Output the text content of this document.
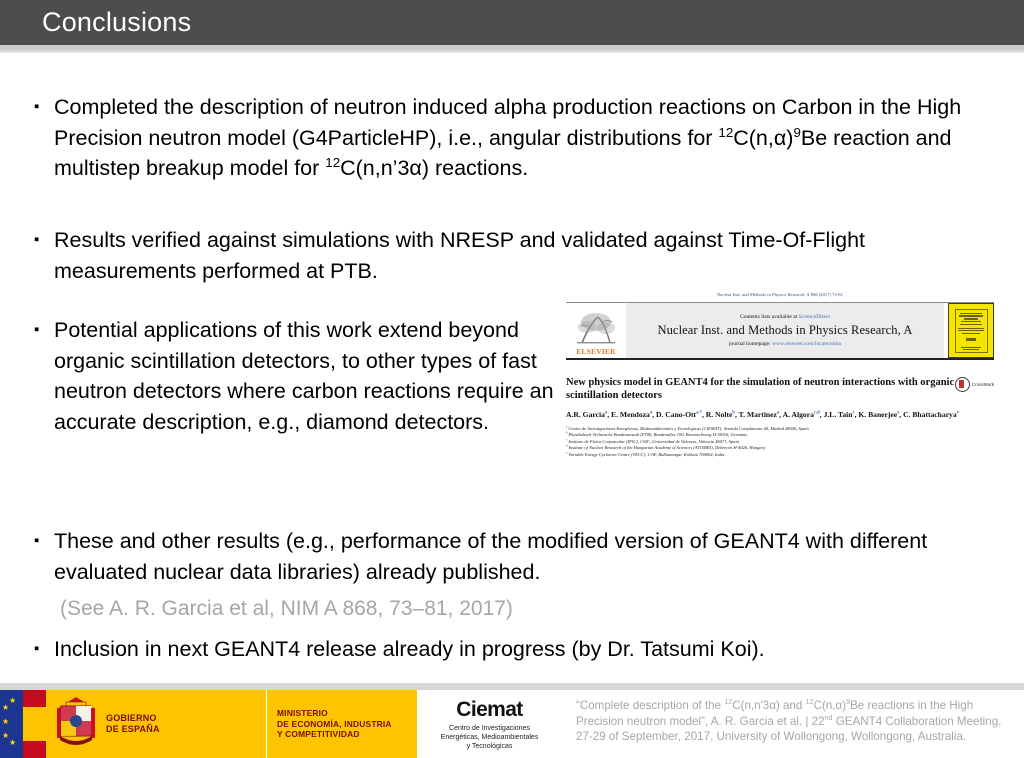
Conclusions
▪ Completed the description of neutron induced alpha production reactions on Carbon in the High Precision neutron model (G4ParticleHP), i.e., angular distributions for $^{12}C(n,\alpha)^9Be$ reaction and multistep breakup model for $^{12}$C(n,n’3α) reactions.
▪ Results verified against simulations with NRESP and validated against Time-Of-Flight measurements performed at PTB.
▪ Potential applications of this work extend beyond organic scintillation detectors, to other types of fast neutron detectors where carbon reactions require an accurate description, e.g., diamond detectors.
(See A. R. Garcia et al, NIM A 868, 73–81, 2017)
▪ These and other results (e.g., performance of the modified version of GEANT4 with different evaluated nuclear data libraries) already published.
▪ Inclusion in next GEANT4 release already in progress (by Dr. Tatsumi Koi).
Nuclear Inst. and Methods in Physics Research, A 868 (2017) 73-81
ELSEVIER
Contents lists available at ScienceDirect
Nuclear Inst. and Methods in Physics Research, A
journal homepage: www.elsevier.com/locate/nima
New physics model in GEANT4 for the simulation of neutron interactions with organic scintillation detectors
CrossMark
A.R. Garcia$^a$, E. Mendoza$^a$, D. Cano-Ott$^{a,*}$, R. Nolte$^b$, T. Martinez$^a$, A. Algora$^{c,d}$, J.L. Tain$^c$, K. Banerjee$^e$, C. Bhattacharya$^e$
$^a$ Centro de Investigaciones Energéticas, Medioambientales y Tecnológicas (CIEMAT), Avenida Complutense 40, Madrid 28040, Spain
$^b$ Physikalisch-Technische Bundesanstalt (PTB), Bundesallee 100, Braunschweig D-38116, Germany
$^c$ Instituto de Física Corpuscular (IFIC), CSIC–Universidad de Valencia, Valencia 46071, Spain
$^d$ Institute of Nuclear Research of the Hungarian Academy of Sciences (ATOMKI), Debrecen H-4026, Hungary
$^e$ Variable Energy Cyclotron Centre (VECC), 1/AF, Bidhannagar, Kolkata 700064, India
★
★
★
★
★
GOBIERNO
DE ESPAÑA
MINISTERIO
DE ECONOMÍA, INDUSTRIA
Y COMPETITIVIDAD
Ciemat
Centro de Investigaciones
Energéticas, Medioambientales
y Tecnológicas
“Complete description of the $^{12}$C(n,n'3α) and $^{12}C(n,\alpha)^9Be$ reactions in the High Precision neutron model”, A. R. Garcia et al. | 22nd GEANT4 Collaboration Meeting, 27-29 of September, 2017, University of Wollongong, Wollongong, Australia.
